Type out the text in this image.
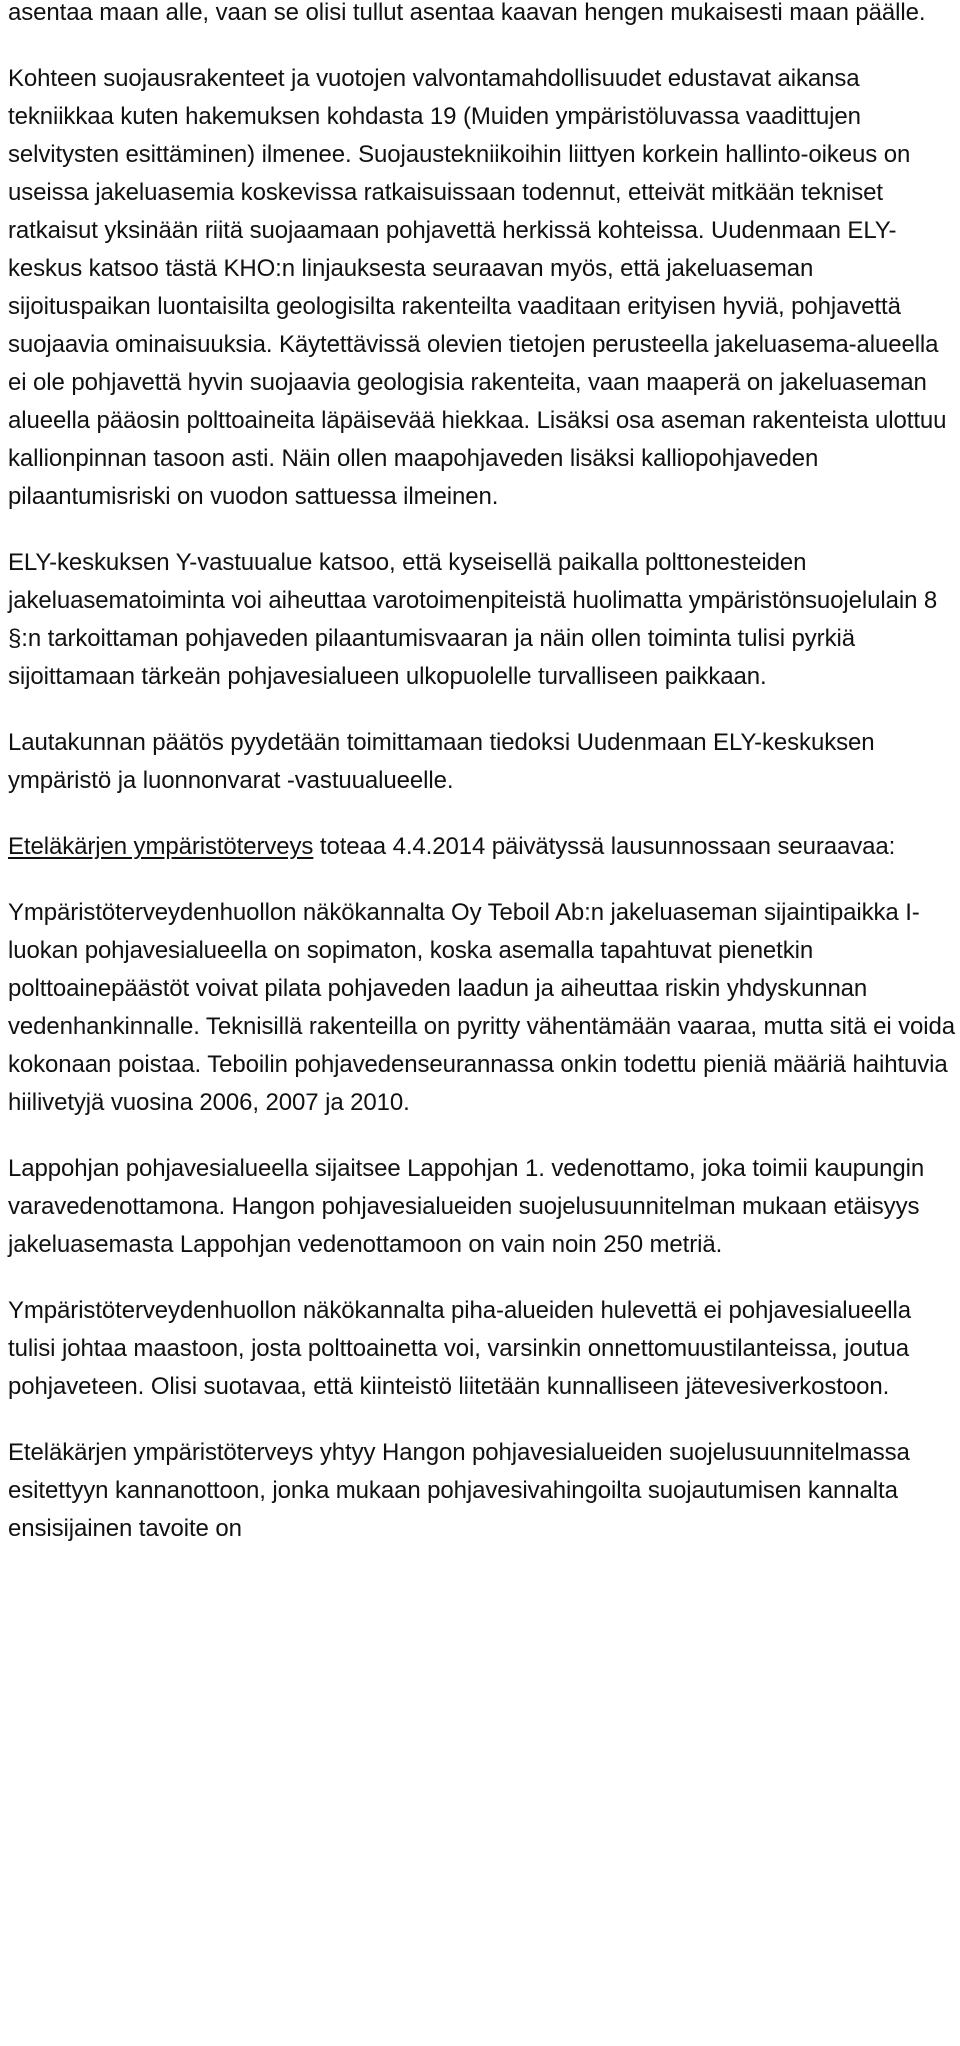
asentaa maan alle, vaan se olisi tullut asentaa kaavan hengen mukaisesti maan päälle.

Kohteen suojausrakenteet ja vuotojen valvontamahdollisuudet edustavat aikansa tekniikkaa kuten hakemuksen kohdasta 19 (Muiden ympäristöluvassa vaadittujen selvitysten esittäminen) ilmenee. Suojaustekniikoihin liittyen korkein hallinto-oikeus on useissa jakeluasemia koskevissa ratkaisuissaan todennut, etteivät mitkään tekniset ratkaisut yksinään riitä suojaamaan pohjavettä herkissä kohteissa. Uudenmaan ELY-keskus katsoo tästä KHO:n linjauksesta seuraavan myös, että jakeluaseman sijoituspaikan luontaisilta geologisilta rakenteilta vaaditaan erityisen hyviä, pohjavettä suojaavia ominaisuuksia. Käytettävissä olevien tietojen perusteella jakeluasema-alueella ei ole pohjavettä hyvin suojaavia geologisia rakenteita, vaan maaperä on jakeluaseman alueella pääosin polttoaineita läpäisevää hiekkaa. Lisäksi osa aseman rakenteista ulottuu kallionpinnan tasoon asti. Näin ollen maapohjaveden lisäksi kalliopohjaveden pilaantumisriski on vuodon sattuessa ilmeinen.

ELY-keskuksen Y-vastuualue katsoo, että kyseisellä paikalla polttonesteiden jakeluasematoiminta voi aiheuttaa varotoimenpiteistä huolimatta ympäristönsuojelulain 8 §:n tarkoittaman pohjaveden pilaantumisvaaran ja näin ollen toiminta tulisi pyrkiä sijoittamaan tärkeän pohjavesialueen ulkopuolelle turvalliseen paikkaan.

Lautakunnan päätös pyydetään toimittamaan tiedoksi Uudenmaan ELY-keskuksen ympäristö ja luonnonvarat -vastuualueelle.

Eteläkärjen ympäristöterveys toteaa 4.4.2014 päivätyssä lausunnossaan seuraavaa:

Ympäristöterveydenhuollon näkökannalta Oy Teboil Ab:n jakeluaseman sijaintipaikka I-luokan pohjavesialueella on sopimaton, koska asemalla tapahtuvat pienetkin polttoainepäästöt voivat pilata pohjaveden laadun ja aiheuttaa riskin yhdyskunnan vedenhankinnalle. Teknisillä rakenteilla on pyritty vähentämään vaaraa, mutta sitä ei voida kokonaan poistaa. Teboilin pohjavedenseurannassa onkin todettu pieniä määriä haihtuvia hiilivetyjä vuosina 2006, 2007 ja 2010.

Lappohjan pohjavesialueella sijaitsee Lappohjan 1. vedenottamo, joka toimii kaupungin varavedenottamona. Hangon pohjavesialueiden suojelusuunnitelman mukaan etäisyys jakeluasemasta Lappohjan vedenottamoon on vain noin 250 metriä.

Ympäristöterveydenhuollon näkökannalta piha-alueiden hulevettä ei pohjavesialueella tulisi johtaa maastoon, josta polttoainetta voi, varsinkin onnettomuustilanteissa, joutua pohjaveteen. Olisi suotavaa, että kiinteistö liitetään kunnalliseen jätevesiverkostoon.

Eteläkärjen ympäristöterveys yhtyy Hangon pohjavesialueiden suojelusuunnitelmassa esitettyyn kannanottoon, jonka mukaan pohjavesivahingoilta suojautumisen kannalta ensisijainen tavoite on
